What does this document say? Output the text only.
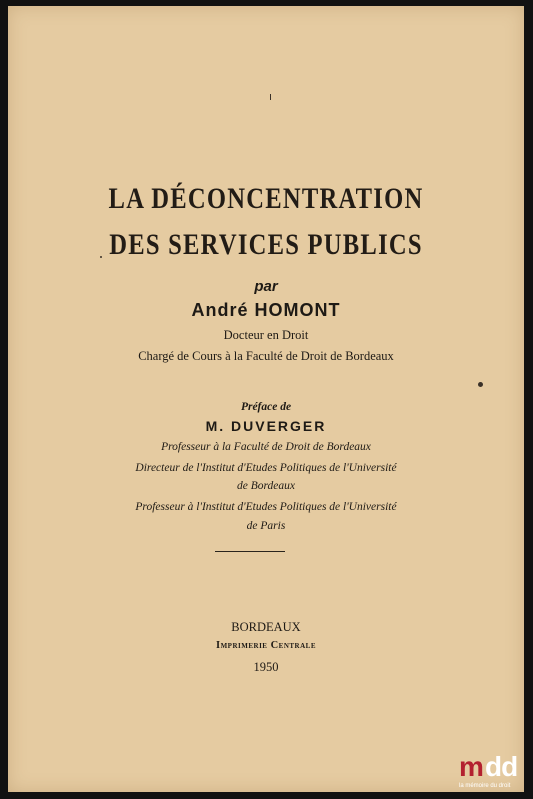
LA DÉCONCENTRATION
DES SERVICES PUBLICS
par
André HOMONT
Docteur en Droit
Chargé de Cours à la Faculté de Droit de Bordeaux
Préface de
M. DUVERGER
Professeur à la Faculté de Droit de Bordeaux
Directeur de l'Institut d'Etudes Politiques de l'Université
de Bordeaux
Professeur à l'Institut d'Etudes Politiques de l'Université
de Paris
BORDEAUX
Imprimerie Centrale
1950
m dd
la mémoire du droit
